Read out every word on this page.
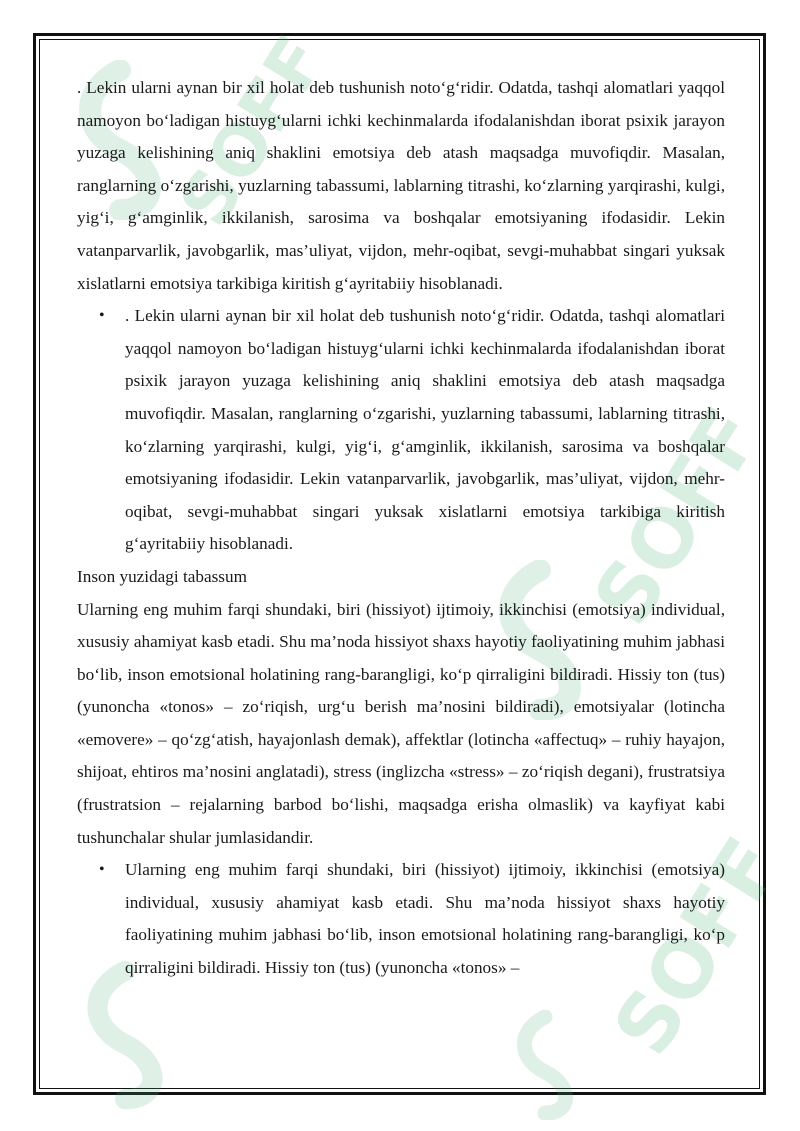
SOFF
SOFF
SOFF

. Lekin ularni aynan bir xil holat deb tushunish noto‘g‘ridir. Odatda, tashqi alomatlari yaqqol namoyon bo‘ladigan histuyg‘ularni ichki kechinmalarda ifodalanishdan iborat psixik jarayon yuzaga kelishining aniq shaklini emotsiya deb atash maqsadga muvofiqdir. Masalan, ranglarning o‘zgarishi, yuzlarning tabassumi, lablarning titrashi, ko‘zlarning yarqirashi, kulgi, yig‘i, g‘amginlik, ikkilanish, sarosima va boshqalar emotsiyaning ifodasidir. Lekin vatanparvarlik, javobgarlik, mas’uliyat, vijdon, mehr-oqibat, sevgi-muhabbat singari yuksak xislatlarni emotsiya tarkibiga kiritish g‘ayritabiiy hisoblanadi.

• . Lekin ularni aynan bir xil holat deb tushunish noto‘g‘ridir. Odatda, tashqi alomatlari yaqqol namoyon bo‘ladigan histuyg‘ularni ichki kechinmalarda ifodalanishdan iborat psixik jarayon yuzaga kelishining aniq shaklini emotsiya deb atash maqsadga muvofiqdir. Masalan, ranglarning o‘zgarishi, yuzlarning tabassumi, lablarning titrashi, ko‘zlarning yarqirashi, kulgi, yig‘i, g‘amginlik, ikkilanish, sarosima va boshqalar emotsiyaning ifodasidir. Lekin vatanparvarlik, javobgarlik, mas’uliyat, vijdon, mehr-oqibat, sevgi-muhabbat singari yuksak xislatlarni emotsiya tarkibiga kiritish g‘ayritabiiy hisoblanadi.

Inson yuzidagi tabassum

Ularning eng muhim farqi shundaki, biri (hissiyot) ijtimoiy, ikkinchisi (emotsiya) individual, xususiy ahamiyat kasb etadi. Shu ma’noda hissiyot shaxs hayotiy faoliyatining muhim jabhasi bo‘lib, inson emotsional holatining rang-barangligi, ko‘p qirraligini bildiradi. Hissiy ton (tus) (yunoncha «tonos» – zo‘riqish, urg‘u berish ma’nosini bildiradi), emotsiyalar (lotincha «emovere» – qo‘zg‘atish, hayajonlash demak), affektlar (lotincha «affectuq» – ruhiy hayajon, shijoat, ehtiros ma’nosini anglatadi), stress (inglizcha «stress» – zo‘riqish degani), frustratsiya (frustratsion – rejalarning barbod bo‘lishi, maqsadga erisha olmaslik) va kayfiyat kabi tushunchalar shular jumlasidandir.

• Ularning eng muhim farqi shundaki, biri (hissiyot) ijtimoiy, ikkinchisi (emotsiya) individual, xususiy ahamiyat kasb etadi. Shu ma’noda hissiyot shaxs hayotiy faoliyatining muhim jabhasi bo‘lib, inson emotsional holatining rang-barangligi, ko‘p qirraligini bildiradi. Hissiy ton (tus) (yunoncha «tonos» –
